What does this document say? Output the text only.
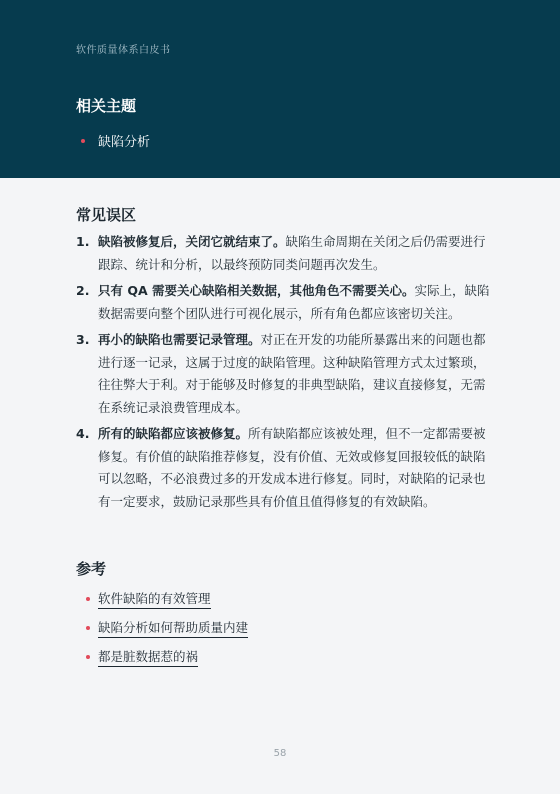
软件质量体系白皮书
相关主题
缺陷分析
常见误区
1. 缺陷被修复后，关闭它就结束了。缺陷生命周期在关闭之后仍需要进行跟踪、统计和分析，以最终预防同类问题再次发生。
2. 只有 QA 需要关心缺陷相关数据，其他角色不需要关心。实际上，缺陷数据需要向整个团队进行可视化展示，所有角色都应该密切关注。
3. 再小的缺陷也需要记录管理。对正在开发的功能所暴露出来的问题也都进行逐一记录，这属于过度的缺陷管理。这种缺陷管理方式太过繁琐，往往弊大于利。对于能够及时修复的非典型缺陷，建议直接修复，无需在系统记录浪费管理成本。
4. 所有的缺陷都应该被修复。所有缺陷都应该被处理，但不一定都需要被修复。有价值的缺陷推荐修复，没有价值、无效或修复回报较低的缺陷可以忽略，不必浪费过多的开发成本进行修复。同时，对缺陷的记录也有一定要求，鼓励记录那些具有价值且值得修复的有效缺陷。
参考
软件缺陷的有效管理
缺陷分析如何帮助质量内建
都是脏数据惹的祸
58
